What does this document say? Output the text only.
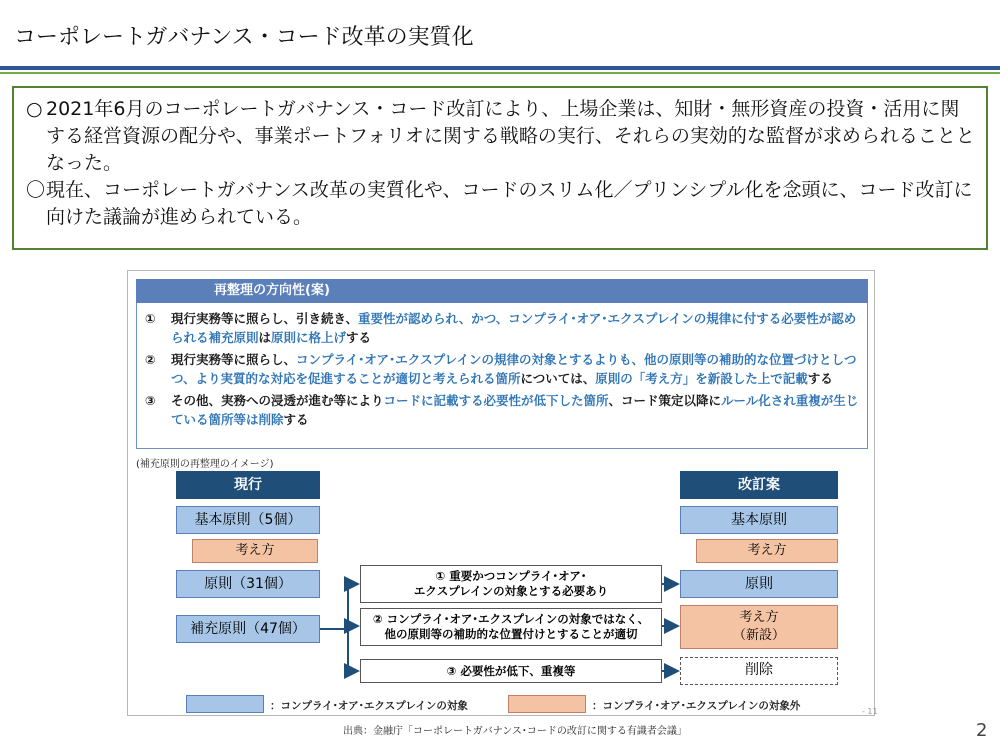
コーポレートガバナンス・コード改革の実質化
○ 2021年6月のコーポレートガバナンス・コード改訂により、上場企業は、知財・無形資産の投資・活用に関する経営資源の配分や、事業ポートフォリオに関する戦略の実行、それらの実効的な監督が求められることとなった。
〇 現在、コーポレートガバナンス改革の実質化や、コードのスリム化／プリンシプル化を念頭に、コード改訂に向けた議論が進められている。
再整理の方向性(案)
①	現行実務等に照らし、引き続き、重要性が認められ、かつ、コンプライ･オア･エクスプレインの規律に付する必要性が認められる補充原則は原則に格上げする
②	現行実務等に照らし、コンプライ･オア･エクスプレインの規律の対象とするよりも、他の原則等の補助的な位置づけとしつつ、より実質的な対応を促進することが適切と考えられる箇所については、原則の「考え方」を新設した上で記載する
③	その他、実務への浸透が進む等によりコードに記載する必要性が低下した箇所、コード策定以降にルール化され重複が生じている箇所等は削除する
(補充原則の再整理のイメージ)
現行
基本原則（5個）
考え方
原則（31個）
補充原則（47個）
① 重要かつコンプライ･オア･
エクスプレインの対象とする必要あり
② コンプライ･オア･エクスプレインの対象ではなく、
他の原則等の補助的な位置付けとすることが適切
③ 必要性が低下、重複等
改訂案
基本原則
考え方
原則
考え方
（新設）
削除
：コンプライ･オア･エクスプレインの対象	：コンプライ･オア･エクスプレインの対象外	- 11
出典：金融庁「コーポレートガバナンス･コードの改訂に関する有識者会議」	2
